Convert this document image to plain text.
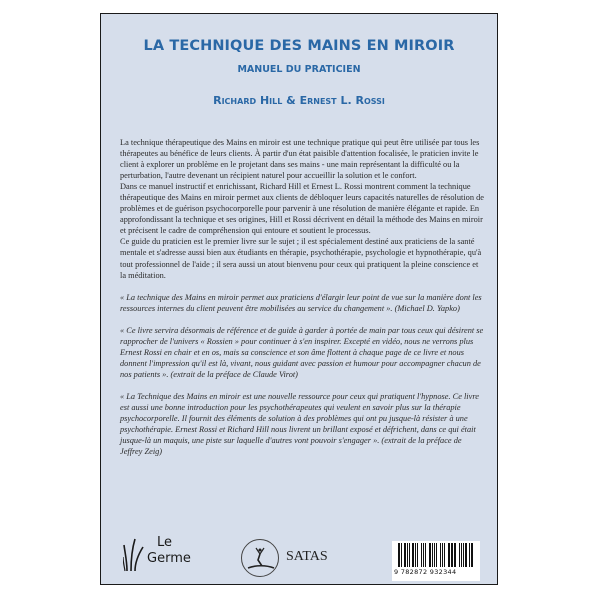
LA TECHNIQUE DES MAINS EN MIROIR
MANUEL DU PRATICIEN
Richard Hill & Ernest L. Rossi

La technique thérapeutique des Mains en miroir est une technique pratique qui peut être utilisée par tous les thérapeutes au bénéfice de leurs clients. À partir d'un état paisible d'attention focalisée, le praticien invite le client à explorer un problème en le projetant dans ses mains - une main représentant la difficulté ou la perturbation, l'autre devenant un récipient naturel pour accueillir la solution et le confort.

Dans ce manuel instructif et enrichissant, Richard Hill et Ernest L. Rossi montrent comment la technique thérapeutique des Mains en miroir permet aux clients de débloquer leurs capacités naturelles de résolution de problèmes et de guérison psychocorporelle pour parvenir à une résolution de manière élégante et rapide. En approfondissant la technique et ses origines, Hill et Rossi décrivent en détail la méthode des Mains en miroir et précisent le cadre de compréhension qui entoure et soutient le processus.

Ce guide du praticien est le premier livre sur le sujet ; il est spécialement destiné aux praticiens de la santé mentale et s'adresse aussi bien aux étudiants en thérapie, psychothérapie, psychologie et hypnothérapie, qu'à tout professionnel de l'aide ; il sera aussi un atout bienvenu pour ceux qui pratiquent la pleine conscience et la méditation.

« La technique des Mains en miroir permet aux praticiens d'élargir leur point de vue sur la manière dont les ressources internes du client peuvent être mobilisées au service du changement ». (Michael D. Yapko)

« Ce livre servira désormais de référence et de guide à garder à portée de main par tous ceux qui désirent se rapprocher de l'univers « Rossien » pour continuer à s'en inspirer. Excepté en vidéo, nous ne verrons plus Ernest Rossi en chair et en os, mais sa conscience et son âme flottent à chaque page de ce livre et nous donnent l'impression qu'il est là, vivant, nous guidant avec passion et humour pour accompagner chacun de nos patients ». (extrait de la préface de Claude Virot)

« La Technique des Mains en miroir est une nouvelle ressource pour ceux qui pratiquent l'hypnose. Ce livre est aussi une bonne introduction pour les psychothérapeutes qui veulent en savoir plus sur la thérapie psychocorporelle. Il fournit des éléments de solution à des problèmes qui ont pu jusque-là résister à une psychothérapie. Ernest Rossi et Richard Hill nous livrent un brillant exposé et défrichent, dans ce qui était jusque-là un maquis, une piste sur laquelle d'autres vont pouvoir s'engager ». (extrait de la préface de Jeffrey Zeig)

Le
Germe	SATAS
9 782872 932344
